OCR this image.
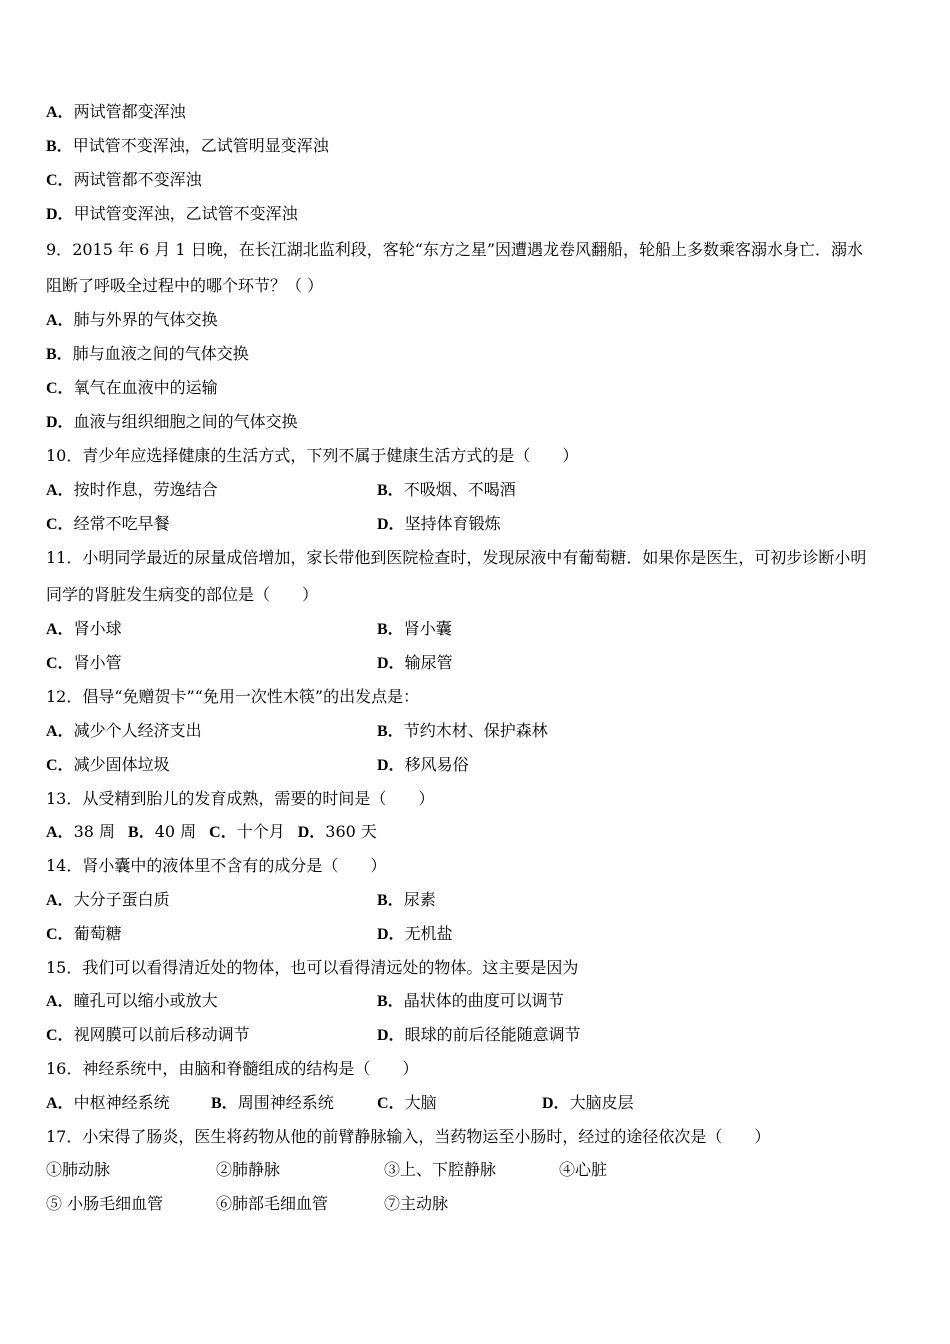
A．两试管都变浑浊
B．甲试管不变浑浊，乙试管明显变浑浊
C．两试管都不变浑浊
D．甲试管变浑浊，乙试管不变浑浊
9．2015 年 6 月 1 日晚，在长江湖北监利段，客轮“东方之星”因遭遇龙卷风翻船，轮船上多数乘客溺水身亡．溺水
阻断了呼吸全过程中的哪个环节？（ ）
A．肺与外界的气体交换
B．肺与血液之间的气体交换
C．氧气在血液中的运输
D．血液与组织细胞之间的气体交换
10．青少年应选择健康的生活方式，下列不属于健康生活方式的是（　　）
A．按时作息，劳逸结合	B．不吸烟、不喝酒
C．经常不吃早餐	D．坚持体育锻炼
11．小明同学最近的尿量成倍增加，家长带他到医院检查时，发现尿液中有葡萄糖．如果你是医生，可初步诊断小明
同学的肾脏发生病变的部位是（　　）
A．肾小球	B．肾小囊
C．肾小管	D．输尿管
12．倡导“免赠贺卡”“免用一次性木筷”的出发点是：
A．减少个人经济支出	B．节约木材、保护森林
C．减少固体垃圾	D．移风易俗
13．从受精到胎儿的发育成熟，需要的时间是（　　）
A．38 周 B．40 周 C．十个月 D．360 天
14．肾小囊中的液体里不含有的成分是（　　）
A．大分子蛋白质	B．尿素
C．葡萄糖	D．无机盐
15．我们可以看得清近处的物体，也可以看得清远处的物体。这主要是因为
A．瞳孔可以缩小或放大	B．晶状体的曲度可以调节
C．视网膜可以前后移动调节	D．眼球的前后径能随意调节
16．神经系统中，由脑和脊髓组成的结构是（　　）
A．中枢神经系统	B．周围神经系统	C．大脑	D．大脑皮层
17．小宋得了肠炎，医生将药物从他的前臂静脉输入，当药物运至小肠时，经过的途径依次是（　　）
①肺动脉	②肺静脉	③上、下腔静脉	④心脏
⑤ 小肠毛细血管	⑥肺部毛细血管	⑦主动脉
